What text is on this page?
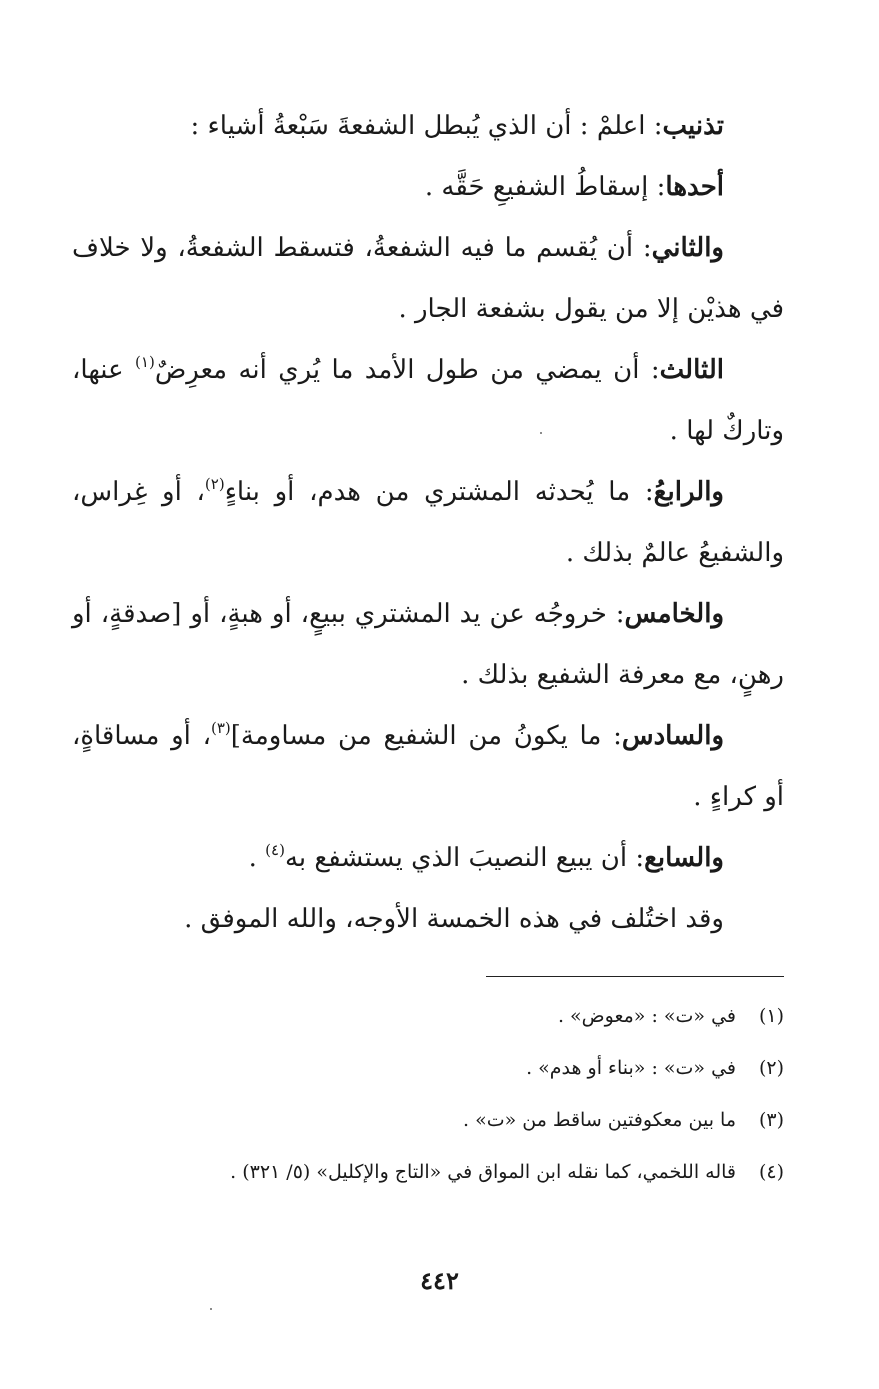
تذنيب: اعلمْ : أن الذي يُبطل الشفعةَ سَبْعةُ أشياء :

أحدها: إسقاطُ الشفيعِ حَقَّه .

والثاني: أن يُقسم ما فيه الشفعةُ، فتسقط الشفعةُ، ولا خلاف في هذيْن إلا من يقول بشفعة الجار .

الثالث: أن يمضي من طول الأمد ما يُري أنه معرِضٌ$^{(١)}$ عنها، وتاركٌ لها .

والرابعُ: ما يُحدثه المشتري من هدم، أو بناءٍ$^{(٢)}$، أو غِراس، والشفيعُ عالمٌ بذلك .

والخامس: خروجُه عن يد المشتري ببيعٍ، أو هبةٍ، أو [صدقةٍ، أو رهنٍ، مع معرفة الشفيع بذلك .

والسادس: ما يكونُ من الشفيع من مساومة]$^{(٣)}$، أو مساقاةٍ، أو كراءٍ .

والسابع: أن يبيع النصيبَ الذي يستشفع به$^{(٤)}$ .

وقد اختُلف في هذه الخمسة الأوجه، والله الموفق .

(١)
في «ت» : «معوض» .

(٢)
في «ت» : «بناء أو هدم» .

(٣)
ما بين معكوفتين ساقط من «ت» .

(٤)
قاله اللخمي، كما نقله ابن المواق في «التاج والإكليل» (٥/ ٣٢١) .

٤٤٢
